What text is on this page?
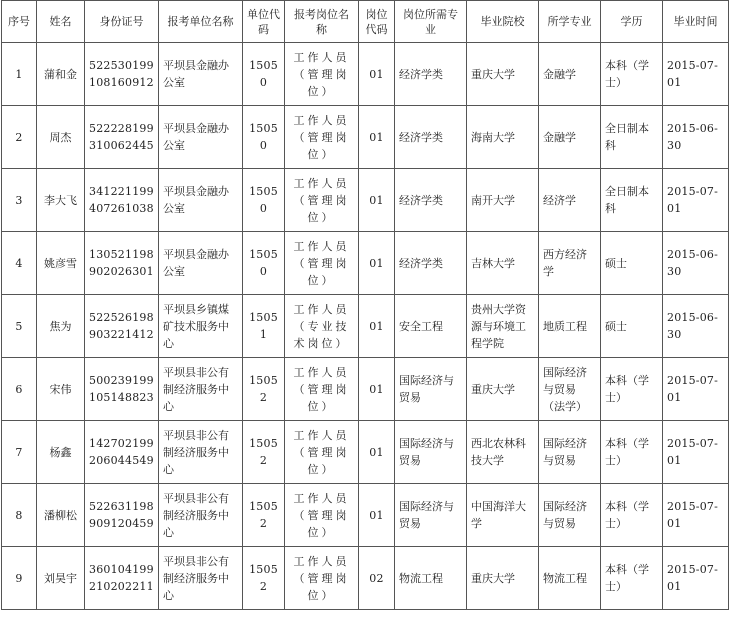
序号	姓名	身份证号	报考单位名称	单位代码	报考岗位名称	岗位代码	岗位所需专业	毕业院校	所学专业	学历	毕业时间
1	蒲和金	522530199108160912	平坝县金融办公室	15050	工作人员（管理岗位）	01	经济学类	重庆大学	金融学	本科（学士）	2015-07-01
2	周杰	522228199310062445	平坝县金融办公室	15050	工作人员（管理岗位）	01	经济学类	海南大学	金融学	全日制本科	2015-06-30
3	李大飞	341221199407261038	平坝县金融办公室	15050	工作人员（管理岗位）	01	经济学类	南开大学	经济学	全日制本科	2015-07-01
4	姚彦雪	130521198902026301	平坝县金融办公室	15050	工作人员（管理岗位）	01	经济学类	吉林大学	西方经济学	硕士	2015-06-30
5	焦为	522526198903221412	平坝县乡镇煤矿技术服务中心	15051	工作人员（专业技术岗位）	01	安全工程	贵州大学资源与环境工程学院	地质工程	硕士	2015-06-30
6	宋伟	500239199105148823	平坝县非公有制经济服务中心	15052	工作人员（管理岗位）	01	国际经济与贸易	重庆大学	国际经济与贸易（法学）	本科（学士）	2015-07-01
7	杨鑫	142702199206044549	平坝县非公有制经济服务中心	15052	工作人员（管理岗位）	01	国际经济与贸易	西北农林科技大学	国际经济与贸易	本科（学士）	2015-07-01
8	潘柳松	522631198909120459	平坝县非公有制经济服务中心	15052	工作人员（管理岗位）	01	国际经济与贸易	中国海洋大学	国际经济与贸易	本科（学士）	2015-07-01
9	刘昊宇	360104199210202211	平坝县非公有制经济服务中心	15052	工作人员（管理岗位）	02	物流工程	重庆大学	物流工程	本科（学士）	2015-07-01
